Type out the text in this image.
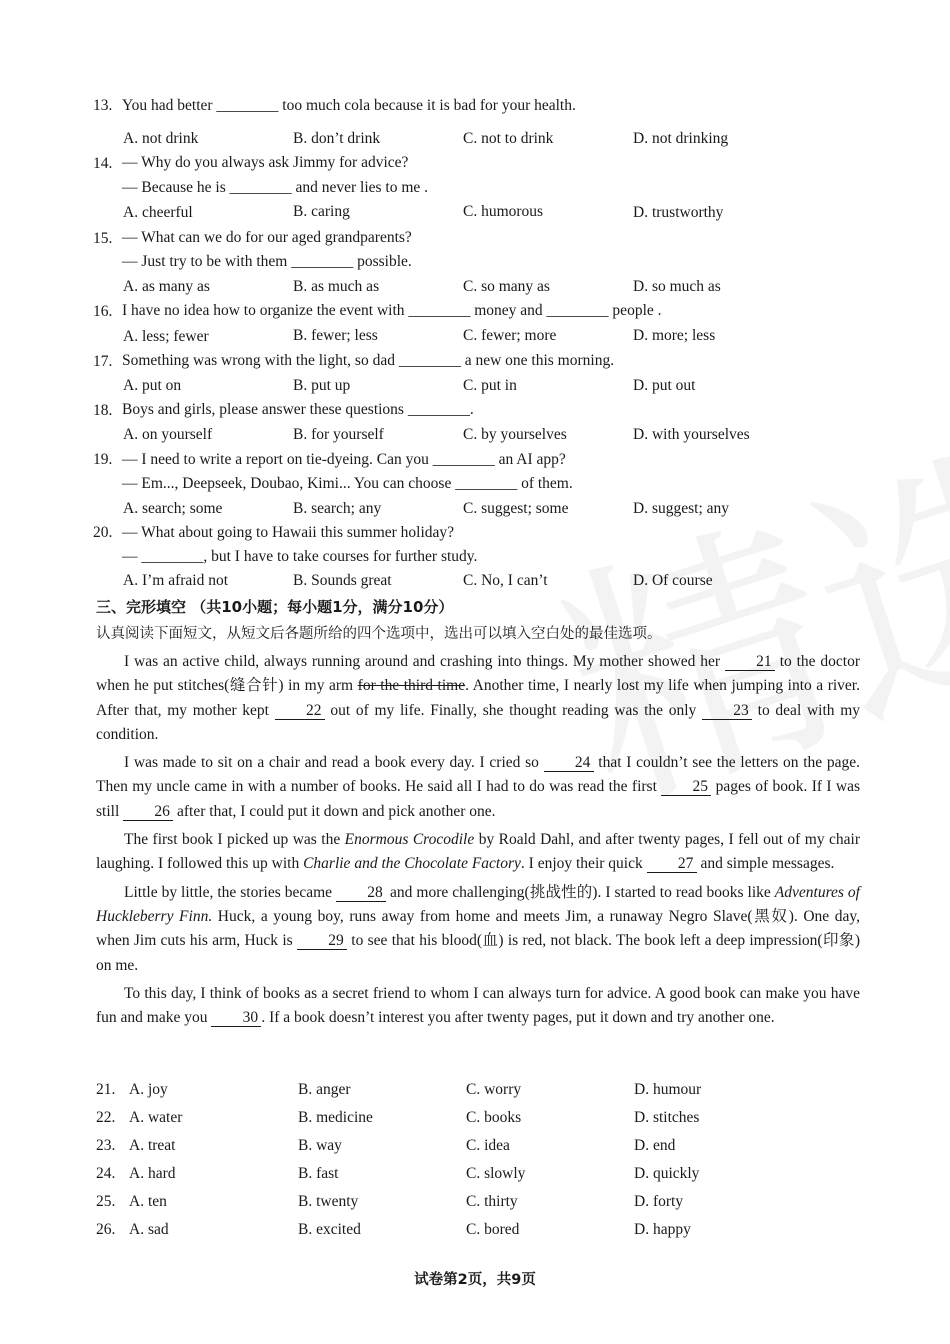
13. You had better ________ too much cola because it is bad for your health.
A. not drink	B. don’t drink	C. not to drink	D. not drinking
14. — Why do you always ask Jimmy for advice?
— Because he is ________ and never lies to me .
A. cheerful	B. caring	C. humorous	D. trustworthy
15. — What can we do for our aged grandparents?
— Just try to be with them ________ possible.
A. as many as	B. as much as	C. so many as	D. so much as
16. I have no idea how to organize the event with ________ money and ________ people .
A. less; fewer	B. fewer; less	C. fewer; more	D. more; less
17. Something was wrong with the light, so dad ________ a new one this morning.
A. put on	B. put up	C. put in	D. put out
18. Boys and girls, please answer these questions ________.
A. on yourself	B. for yourself	C. by yourselves	D. with yourselves
19. — I need to write a report on tie-dyeing. Can you ________ an AI app?
— Em..., Deepseek, Doubao, Kimi... You can choose ________ of them.
A. search; some	B. search; any	C. suggest; some	D. suggest; any
20. — What about going to Hawaii this summer holiday?
— ________, but I have to take courses for further study.
A. I’m afraid not	B. Sounds great	C. No, I can’t	D. Of course
三、完形填空 （共10小题；每小题1分，满分10分）
认真阅读下面短文，从短文后各题所给的四个选项中，选出可以填入空白处的最佳选项。

I was an active child, always running around and crashing into things. My mother showed her 21 to the doctor when he put stitches(缝合针) in my arm for the third time. Another time, I nearly lost my life when jumping into a river. After that, my mother kept 22 out of my life. Finally, she thought reading was the only 23 to deal with my condition.

I was made to sit on a chair and read a book every day. I cried so 24 that I couldn’t see the letters on the page. Then my uncle came in with a number of books. He said all I had to do was read the first 25 pages of book. If I was still 26 after that, I could put it down and pick another one.

The first book I picked up was the Enormous Crocodile by Roald Dahl, and after twenty pages, I fell out of my chair laughing. I followed this up with Charlie and the Chocolate Factory. I enjoy their quick 27 and simple messages.

Little by little, the stories became 28 and more challenging(挑战性的). I started to read books like Adventures of Huckleberry Finn. Huck, a young boy, runs away from home and meets Jim, a runaway Negro Slave(黑奴). One day, when Jim cuts his arm, Huck is 29 to see that his blood(血) is red, not black. The book left a deep impression(印象) on me.

To this day, I think of books as a secret friend to whom I can always turn for advice. A good book can make you have fun and make you 30 . If a book doesn’t interest you after twenty pages, put it down and try another one.

21. A. joy	B. anger	C. worry	D. humour
22. A. water	B. medicine	C. books	D. stitches
23. A. treat	B. way	C. idea	D. end
24. A. hard	B. fast	C. slowly	D. quickly
25. A. ten	B. twenty	C. thirty	D. forty
26. A. sad	B. excited	C. bored	D. happy
试卷第2页，共9页
